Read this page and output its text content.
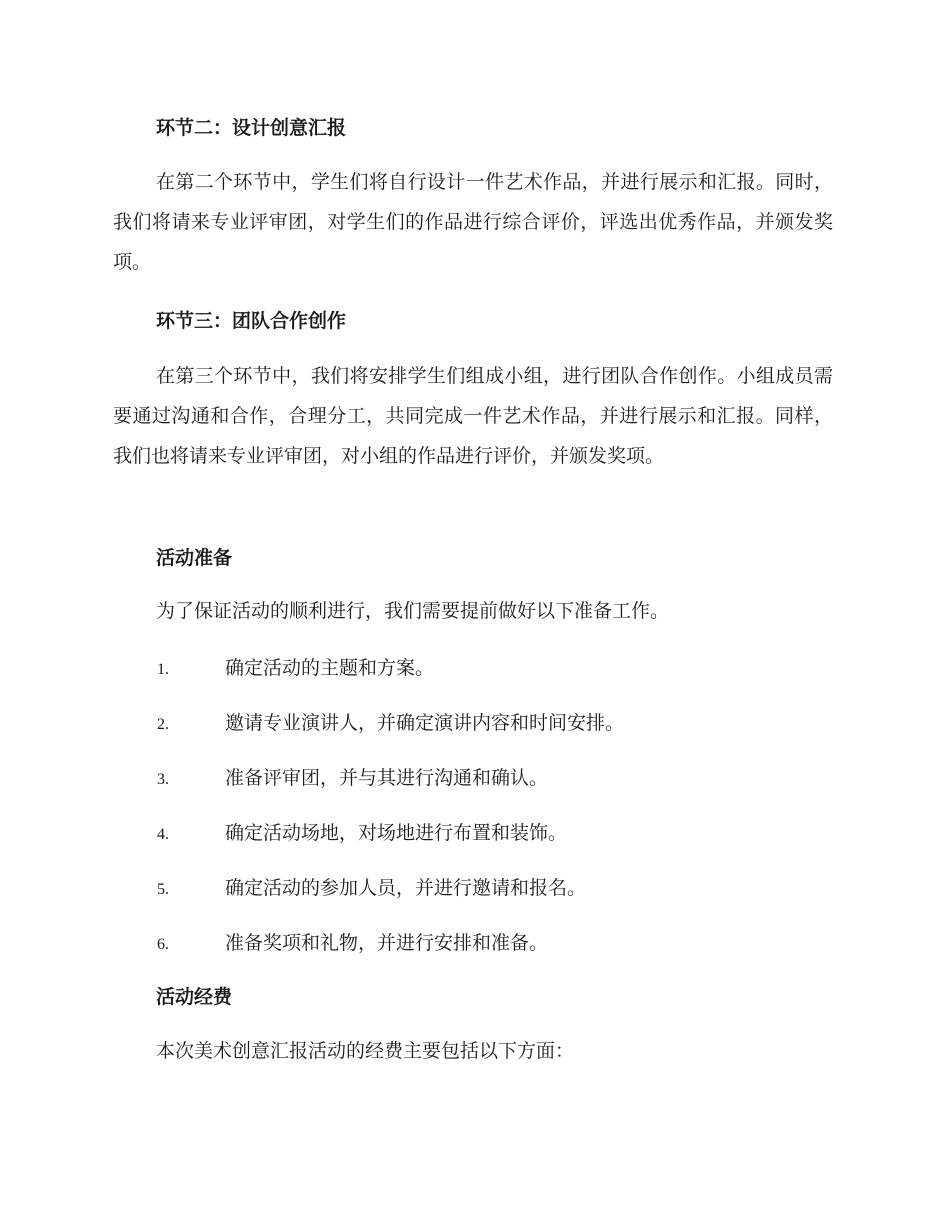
环节二：设计创意汇报

在第二个环节中，学生们将自行设计一件艺术作品，并进行展示和汇报。同时，我们将请来专业评审团，对学生们的作品进行综合评价，评选出优秀作品，并颁发奖项。

环节三：团队合作创作

在第三个环节中，我们将安排学生们组成小组，进行团队合作创作。小组成员需要通过沟通和合作，合理分工，共同完成一件艺术作品，并进行展示和汇报。同样，我们也将请来专业评审团，对小组的作品进行评价，并颁发奖项。

活动准备

为了保证活动的顺利进行，我们需要提前做好以下准备工作。

1.	确定活动的主题和方案。
2.	邀请专业演讲人，并确定演讲内容和时间安排。
3.	准备评审团，并与其进行沟通和确认。
4.	确定活动场地，对场地进行布置和装饰。
5.	确定活动的参加人员，并进行邀请和报名。
6.	准备奖项和礼物，并进行安排和准备。

活动经费

本次美术创意汇报活动的经费主要包括以下方面：
